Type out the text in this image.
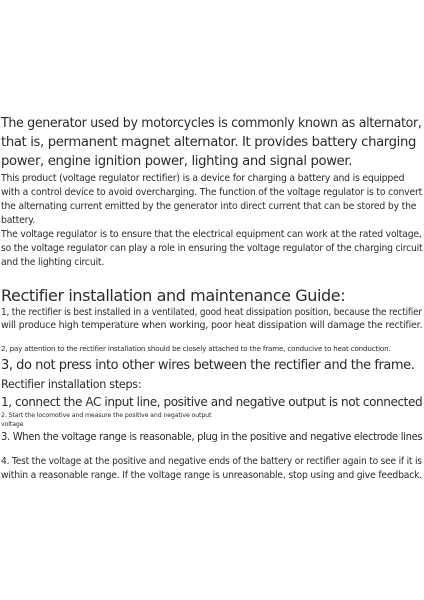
The generator used by motorcycles is commonly known as alternator,

that is, permanent magnet alternator. It provides battery charging

power, engine ignition power, lighting and signal power.

This product (voltage regulator rectifier) is a device for charging a battery and is equipped

with a control device to avoid overcharging. The function of the voltage regulator is to convert

the alternating current emitted by the generator into direct current that can be stored by the

battery.

The voltage regulator is to ensure that the electrical equipment can work at the rated voltage,

so the voltage regulator can play a role in ensuring the voltage regulator of the charging circuit

and the lighting circuit.

Rectifier installation and maintenance Guide:

1, the rectifier is best installed in a ventilated, good heat dissipation position, because the rectifier

will produce high temperature when working, poor heat dissipation will damage the rectifier.

2, pay attention to the rectifier installation should be closely attached to the frame, conducive to heat conduction.

3, do not press into other wires between the rectifier and the frame.

Rectifier installation steps:

1, connect the AC input line, positive and negative output is not connected

2. Start the locomotive and measure the positive and negative output

voltage

3. When the voltage range is reasonable, plug in the positive and negative electrode lines

4. Test the voltage at the positive and negative ends of the battery or rectifier again to see if it is

within a reasonable range. If the voltage range is unreasonable, stop using and give feedback.
